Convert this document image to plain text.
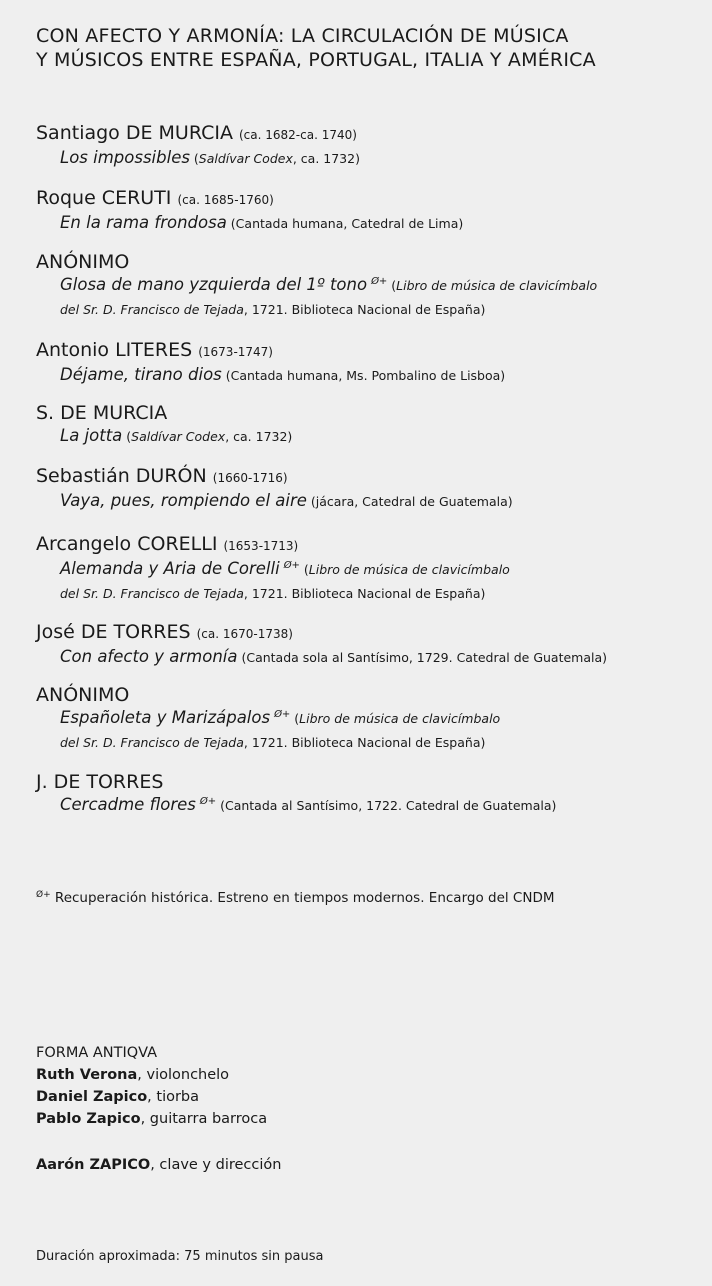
CON AFECTO Y ARMONÍA: LA CIRCULACIÓN DE MÚSICA
Y MÚSICOS ENTRE ESPAÑA, PORTUGAL, ITALIA Y AMÉRICA
Santiago DE MURCIA (ca. 1682-ca. 1740)
Los impossibles (Saldívar Codex, ca. 1732)
Roque CERUTI (ca. 1685-1760)
En la rama frondosa (Cantada humana, Catedral de Lima)
ANÓNIMO
Glosa de mano yzquierda del 1º tono $^{Ø+}$ (Libro de música de clavicímbalo
del Sr. D. Francisco de Tejada, 1721. Biblioteca Nacional de España)
Antonio LITERES (1673-1747)
Déjame, tirano dios (Cantada humana, Ms. Pombalino de Lisboa)
S. DE MURCIA
La jotta (Saldívar Codex, ca. 1732)
Sebastián DURÓN (1660-1716)
Vaya, pues, rompiendo el aire (jácara, Catedral de Guatemala)
Arcangelo CORELLI (1653-1713)
Alemanda y Aria de Corelli $^{Ø+}$ (Libro de música de clavicímbalo
del Sr. D. Francisco de Tejada, 1721. Biblioteca Nacional de España)
José DE TORRES (ca. 1670-1738)
Con afecto y armonía (Cantada sola al Santísimo, 1729. Catedral de Guatemala)
ANÓNIMO
Españoleta y Marizápalos $^{Ø+}$ (Libro de música de clavicímbalo
del Sr. D. Francisco de Tejada, 1721. Biblioteca Nacional de España)
J. DE TORRES
Cercadme flores $^{Ø+}$ (Cantada al Santísimo, 1722. Catedral de Guatemala)
$^{Ø+}$ Recuperación histórica. Estreno en tiempos modernos. Encargo del CNDM
FORMA ANTIQVA
Ruth Verona, violonchelo
Daniel Zapico, tiorba
Pablo Zapico, guitarra barroca
Aarón ZAPICO, clave y dirección
Duración aproximada: 75 minutos sin pausa
